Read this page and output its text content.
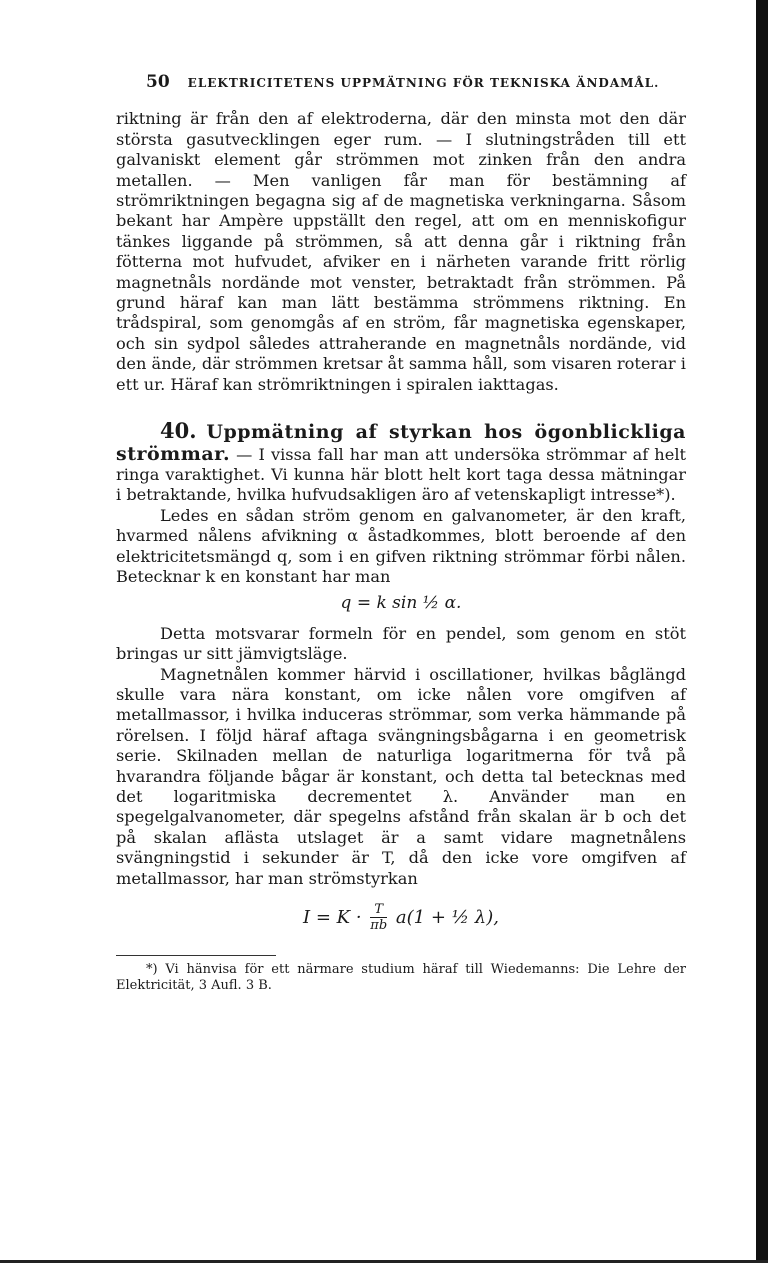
50 ELEKTRICITETENS UPPMÄTNING FÖR TEKNISKA ÄNDAMÅL.

riktning är från den af elektroderna, där den minsta mot den där största gasutvecklingen eger rum. — I slutningstråden till ett galvaniskt element går strömmen mot zinken från den andra metallen. — Men vanligen får man för bestämning af strömriktningen begagna sig af de magnetiska verkningarna. Såsom bekant har Ampère uppställt den regel, att om en menniskofigur tänkes liggande på strömmen, så att denna går i riktning från fötterna mot hufvudet, afviker en i närheten varande fritt rörlig magnetnåls nordände mot venster, betraktadt från strömmen. På grund häraf kan man lätt bestämma strömmens riktning. En trådspiral, som genomgås af en ström, får magnetiska egenskaper, och sin sydpol således attraherande en magnetnåls nordände, vid den ände, där strömmen kretsar åt samma håll, som visaren roterar i ett ur. Häraf kan strömriktningen i spiralen iakttagas.

40. Uppmätning af styrkan hos ögonblickliga strömmar. — I vissa fall har man att undersöka strömmar af helt ringa varaktighet. Vi kunna här blott helt kort taga dessa mätningar i betraktande, hvilka hufvudsakligen äro af vetenskapligt intresse*).

Ledes en sådan ström genom en galvanometer, är den kraft, hvarmed nålens afvikning α åstadkommes, blott beroende af den elektricitetsmängd q, som i en gifven riktning strömmar förbi nålen. Betecknar k en konstant har man

q = k sin ½ α.

Detta motsvarar formeln för en pendel, som genom en stöt bringas ur sitt jämvigtsläge.

Magnetnålen kommer härvid i oscillationer, hvilkas båglängd skulle vara nära konstant, om icke nålen vore omgifven af metallmassor, i hvilka induceras strömmar, som verka hämmande på rörelsen. I följd häraf aftaga svängningsbågarna i en geometrisk serie. Skilnaden mellan de naturliga logaritmerna för två på hvarandra följande bågar är konstant, och detta tal betecknas med det logaritmiska decrementet λ. Använder man en spegelgalvanometer, där spegelns afstånd från skalan är b och det på skalan aflästa utslaget är a samt vidare magnetnålens svängningstid i sekunder är T, då den icke vore omgifven af metallmassor, har man strömstyrkan

$I = K \cdot \frac{T}{\pi b} a(1$ + ½ λ),

*) Vi hänvisa för ett närmare studium häraf till Wiedemanns: Die Lehre der Elektricität, 3 Aufl. 3 B.
